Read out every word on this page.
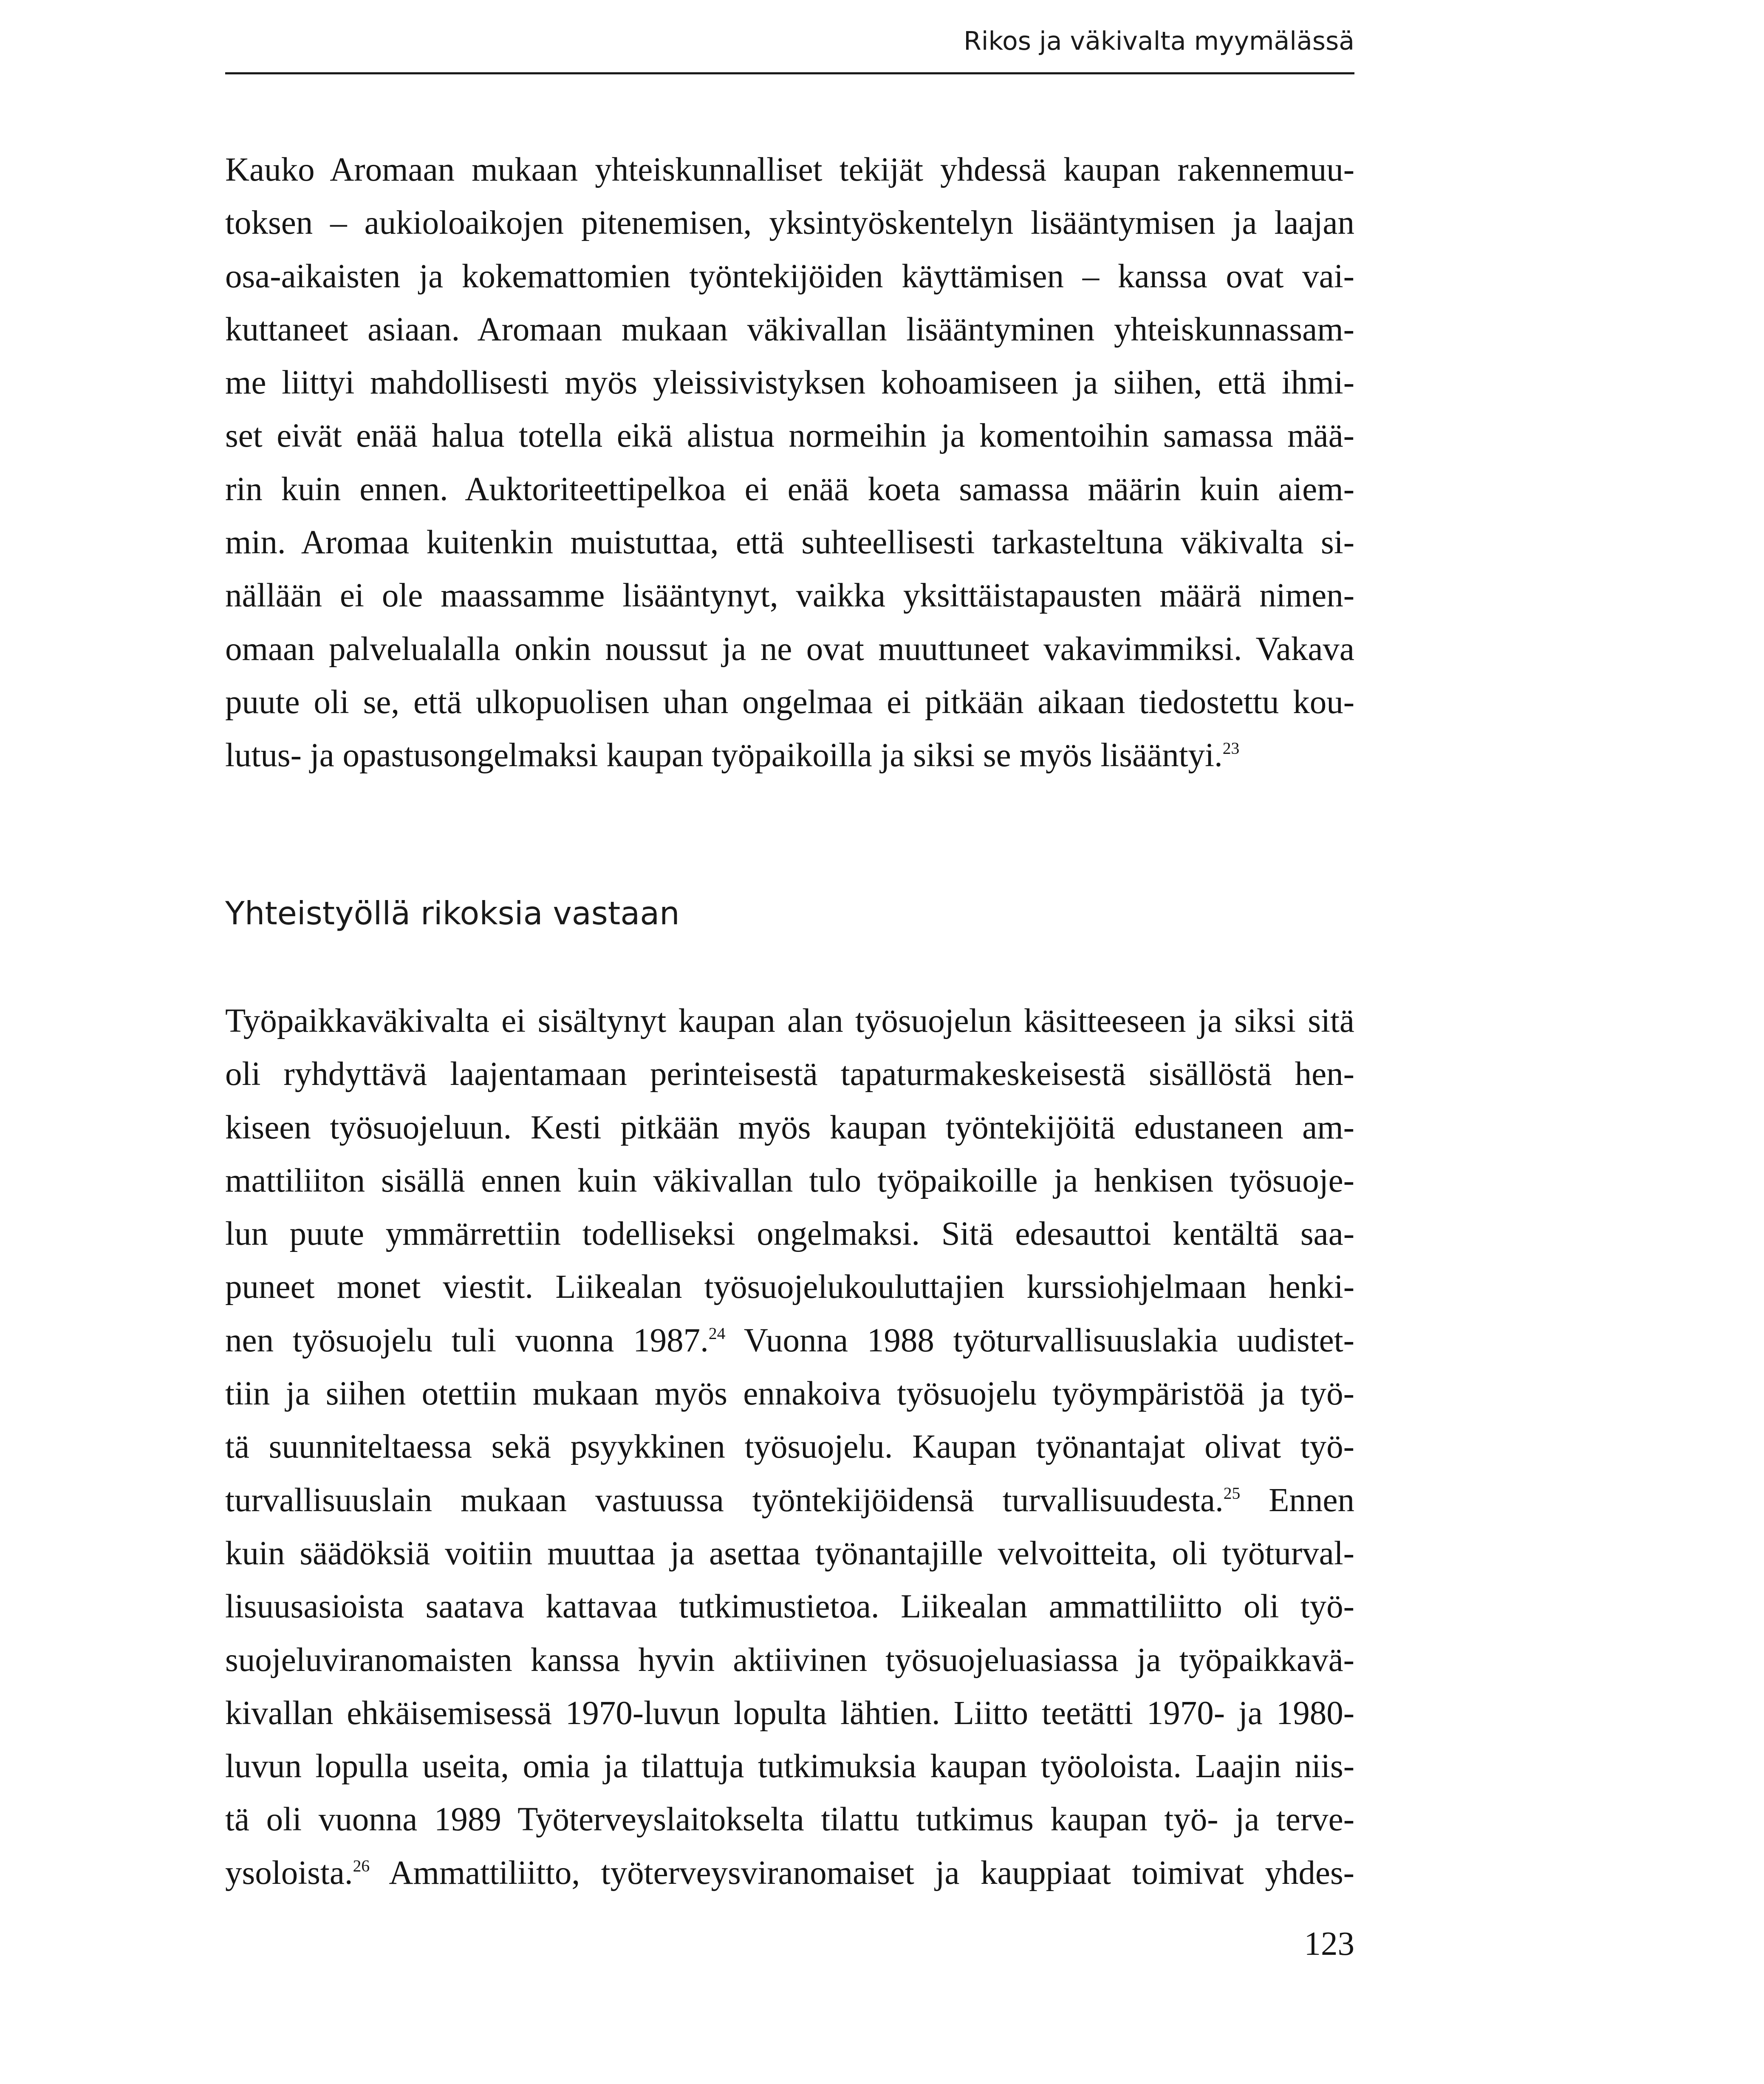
Rikos ja väkivalta myymälässä
Kauko Aromaan mukaan yhteiskunnalliset tekijät yhdessä kaupan rakennemuu-
toksen – aukioloaikojen pitenemisen, yksintyöskentelyn lisääntymisen ja laajan
osa-aikaisten ja kokemattomien työntekijöiden käyttämisen – kanssa ovat vai-
kuttaneet asiaan. Aromaan mukaan väkivallan lisääntyminen yhteiskunnassam-
me liittyi mahdollisesti myös yleissivistyksen kohoamiseen ja siihen, että ihmi-
set eivät enää halua totella eikä alistua normeihin ja komentoihin samassa mää-
rin kuin ennen. Auktoriteettipelkoa ei enää koeta samassa määrin kuin aiem-
min. Aromaa kuitenkin muistuttaa, että suhteellisesti tarkasteltuna väkivalta si-
nällään ei ole maassamme lisääntynyt, vaikka yksittäistapausten määrä nimen-
omaan palvelualalla onkin noussut ja ne ovat muuttuneet vakavimmiksi. Vakava
puute oli se, että ulkopuolisen uhan ongelmaa ei pitkään aikaan tiedostettu kou-
lutus- ja opastusongelmaksi kaupan työpaikoilla ja siksi se myös lisääntyi.$^{23}$
Yhteistyöllä rikoksia vastaan
Työpaikkaväkivalta ei sisältynyt kaupan alan työsuojelun käsitteeseen ja siksi sitä
oli ryhdyttävä laajentamaan perinteisestä tapaturmakeskeisestä sisällöstä hen-
kiseen työsuojeluun. Kesti pitkään myös kaupan työntekijöitä edustaneen am-
mattiliiton sisällä ennen kuin väkivallan tulo työpaikoille ja henkisen työsuoje-
lun puute ymmärrettiin todelliseksi ongelmaksi. Sitä edesauttoi kentältä saa-
puneet monet viestit. Liikealan työsuojelukouluttajien kurssiohjelmaan henki-
nen työsuojelu tuli vuonna 1987.24 Vuonna 1988 työturvallisuuslakia uudistet-
tiin ja siihen otettiin mukaan myös ennakoiva työsuojelu työympäristöä ja työ-
tä suunniteltaessa sekä psyykkinen työsuojelu. Kaupan työnantajat olivat työ-
turvallisuuslain mukaan vastuussa työntekijöidensä turvallisuudesta.$^{25}$ Ennen
kuin säädöksiä voitiin muuttaa ja asettaa työnantajille velvoitteita, oli työturval-
lisuusasioista saatava kattavaa tutkimustietoa. Liikealan ammattiliitto oli työ-
suojeluviranomaisten kanssa hyvin aktiivinen työsuojeluasiassa ja työpaikkavä-
kivallan ehkäisemisessä 1970-luvun lopulta lähtien. Liitto teetätti 1970- ja 1980-
luvun lopulla useita, omia ja tilattuja tutkimuksia kaupan työoloista. Laajin niis-
tä oli vuonna 1989 Työterveyslaitokselta tilattu tutkimus kaupan työ- ja terve-
ysoloista.$^{26}$ Ammattiliitto, työterveysviranomaiset ja kauppiaat toimivat yhdes-
123
